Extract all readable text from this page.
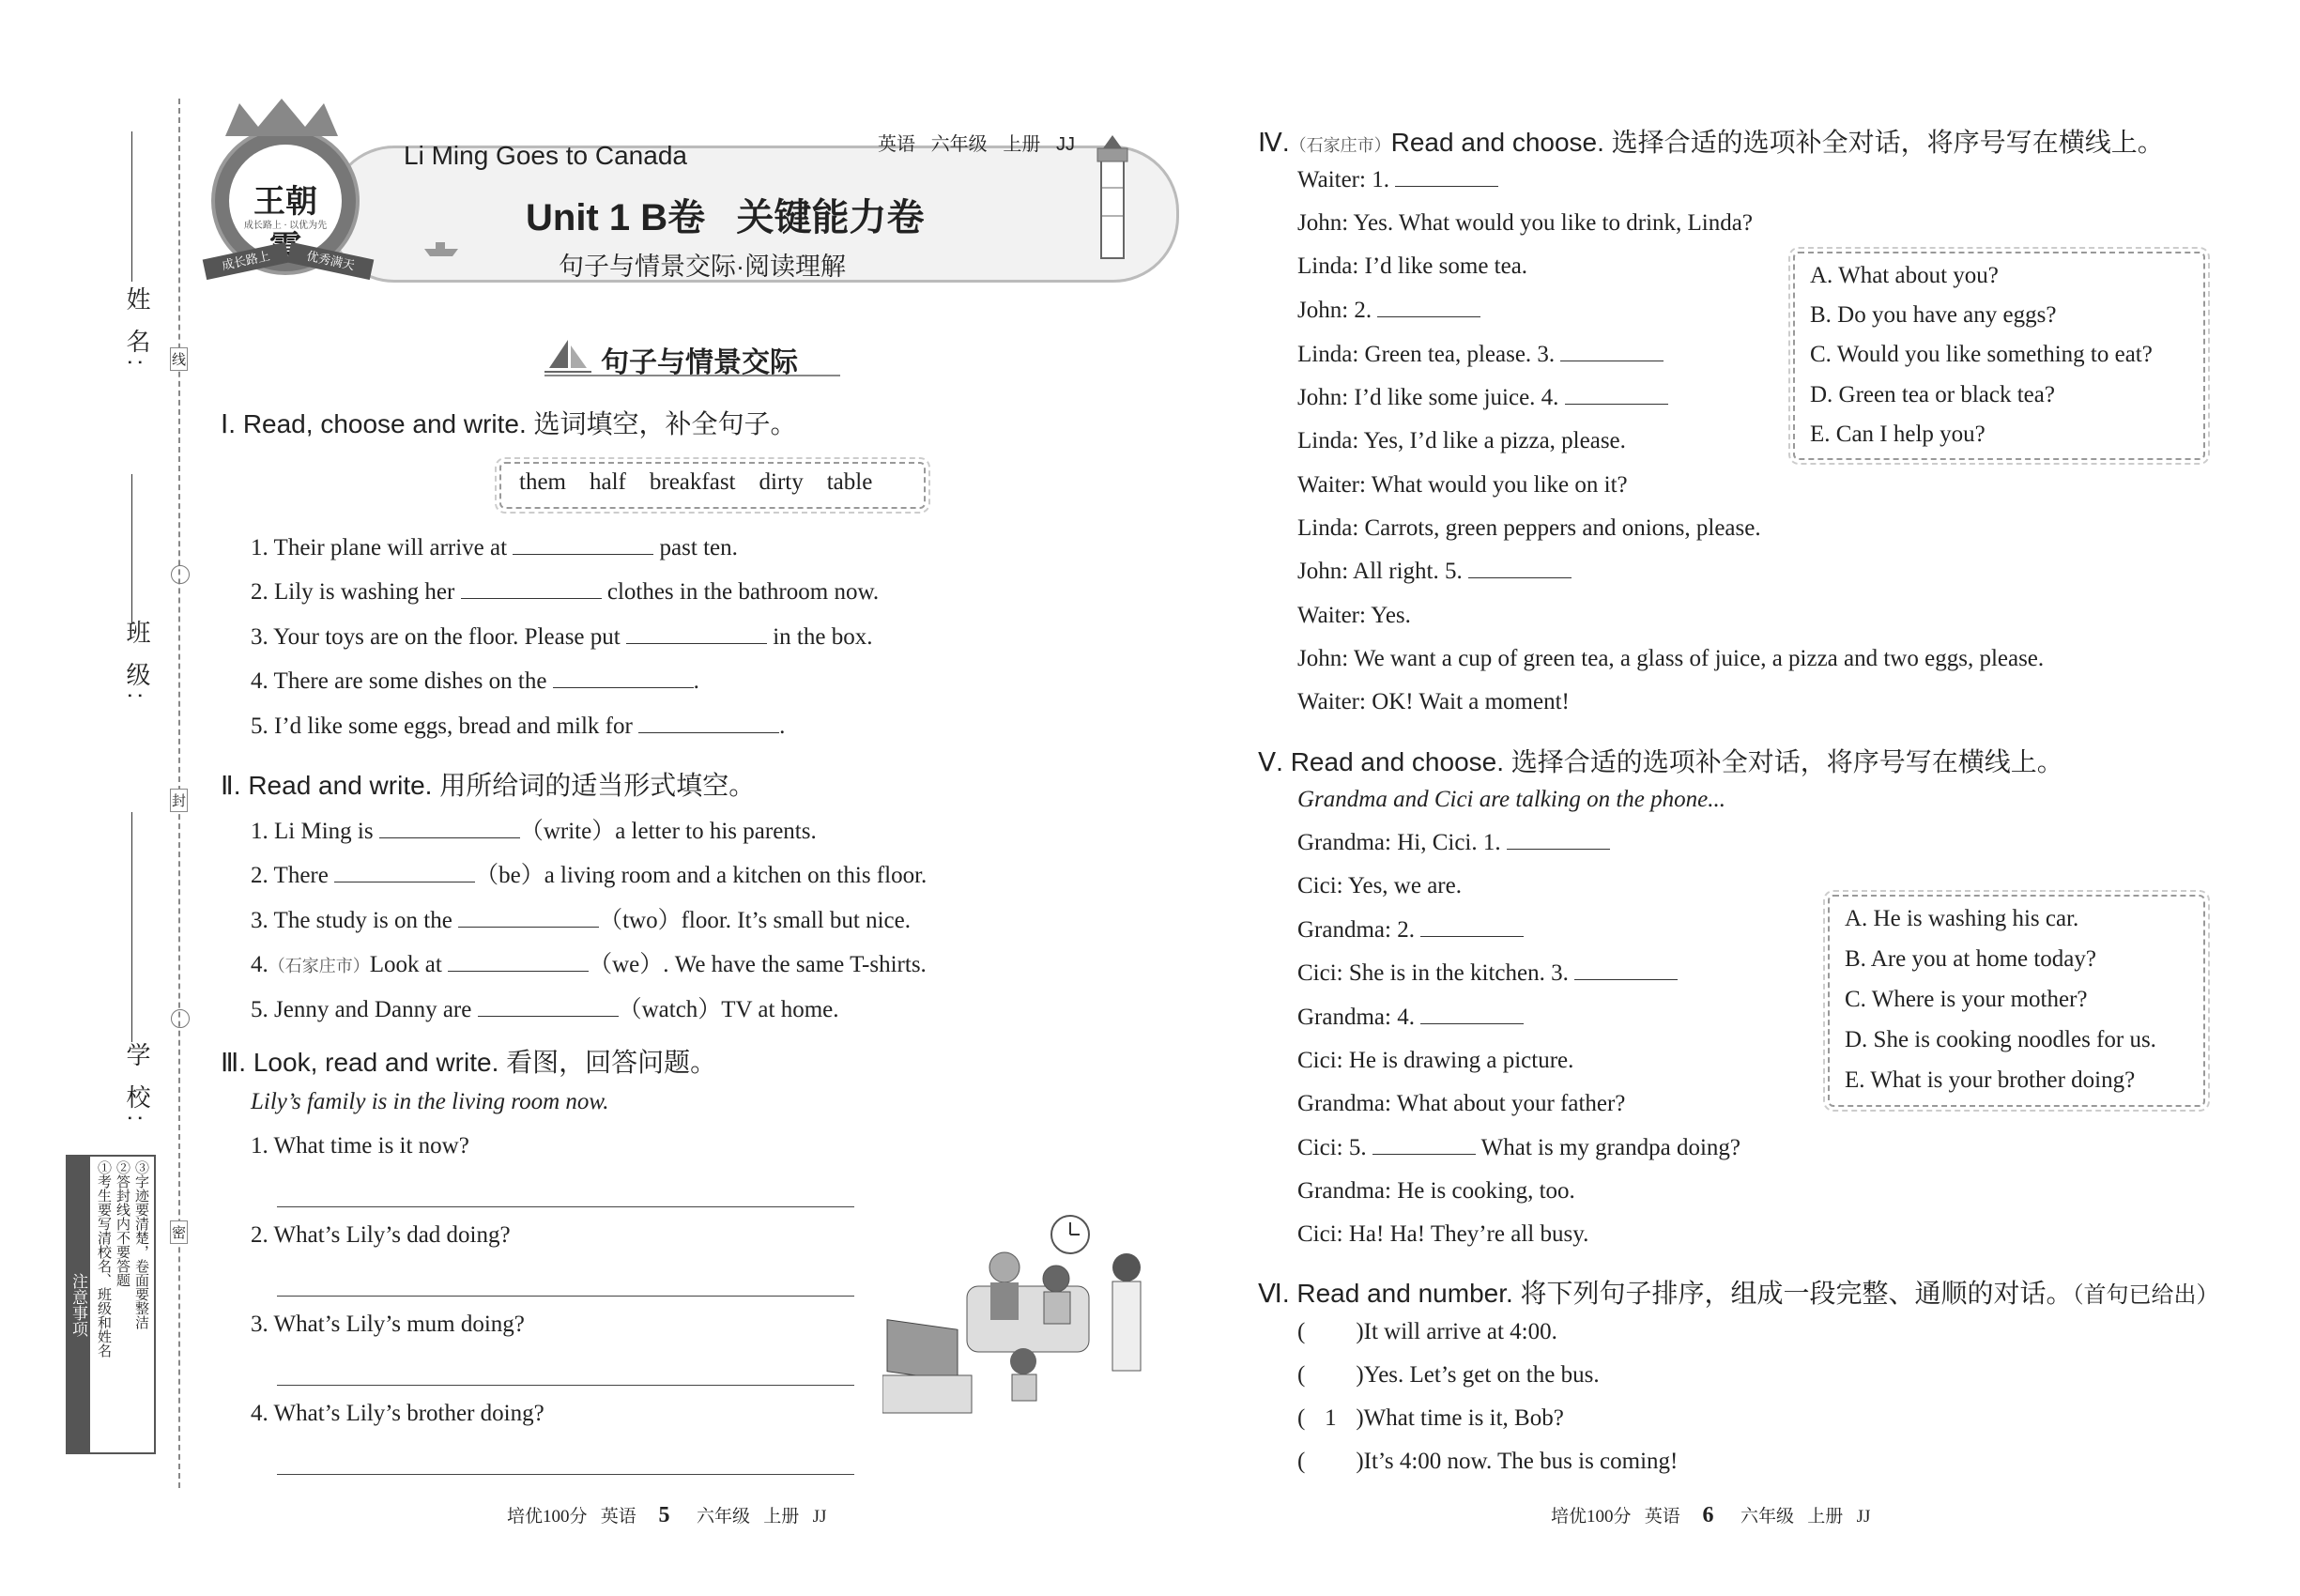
姓 名:
班 级:
学 校:
线
封
密
注意事项 ①考生要写清校名、班级和姓名 ②答封线内不要答题 ③字迹要清楚，卷面要整洁
王朝
成长路上 · 以优为先
成长路上	优秀满天
Li Ming Goes to Canada	英语 六年级 上册 JJ
Unit 1 B卷 关键能力卷
句子与情景交际·阅读理解
句子与情景交际
Ⅰ. Read, choose and write. 选词填空，补全句子。
them half breakfast dirty table
1. Their plane will arrive at	past ten.
2. Lily is washing her	clothes in the bathroom now.
3. Your toys are on the floor. Please put	in the box.
4. There are some dishes on the	.
5. I’d like some eggs, bread and milk for	.
Ⅱ. Read and write. 用所给词的适当形式填空。
1. Li Ming is	（write）a letter to his parents.
2. There	（be）a living room and a kitchen on this floor.
3. The study is on the	（two）floor. It’s small but nice.
4.（石家庄市）Look at	（we）. We have the same T-shirts.
5. Jenny and Danny are	（watch）TV at home.
Ⅲ. Look, read and write. 看图，回答问题。
Lily’s family is in the living room now.
1. What time is it now?
2. What’s Lily’s dad doing?
3. What’s Lily’s mum doing?
4. What’s Lily’s brother doing?
培优100分 英语 5 六年级 上册 JJ
Ⅳ.（石家庄市）Read and choose. 选择合适的选项补全对话，将序号写在横线上。
Waiter: 1.
John: Yes. What would you like to drink, Linda?
Linda: I’d like some tea.
John: 2.
Linda: Green tea, please. 3.
John: I’d like some juice. 4.
Linda: Yes, I’d like a pizza, please.
Waiter: What would you like on it?
Linda: Carrots, green peppers and onions, please.
John: All right. 5.
Waiter: Yes.
John: We want a cup of green tea, a glass of juice, a pizza and two eggs, please.
Waiter: OK! Wait a moment!
A. What about you?
B. Do you have any eggs?
C. Would you like something to eat?
D. Green tea or black tea?
E. Can I help you?
Ⅴ. Read and choose. 选择合适的选项补全对话，将序号写在横线上。
Grandma and Cici are talking on the phone...
Grandma: Hi, Cici. 1.
Cici: Yes, we are.
Grandma: 2.
Cici: She is in the kitchen. 3.
Grandma: 4.
Cici: He is drawing a picture.
Grandma: What about your father?
Cici: 5.	What is my grandpa doing?
Grandma: He is cooking, too.
Cici: Ha! Ha! They’re all busy.
A. He is washing his car.
B. Are you at home today?
C. Where is your mother?
D. She is cooking noodles for us.
E. What is your brother doing?
Ⅵ. Read and number. 将下列句子排序，组成一段完整、通顺的对话。（首句已给出）
( )It will arrive at 4:00.
( )Yes. Let’s get on the bus.
( 1 )What time is it, Bob?
( )It’s 4:00 now. The bus is coming!
培优100分 英语 6 六年级 上册 JJ
